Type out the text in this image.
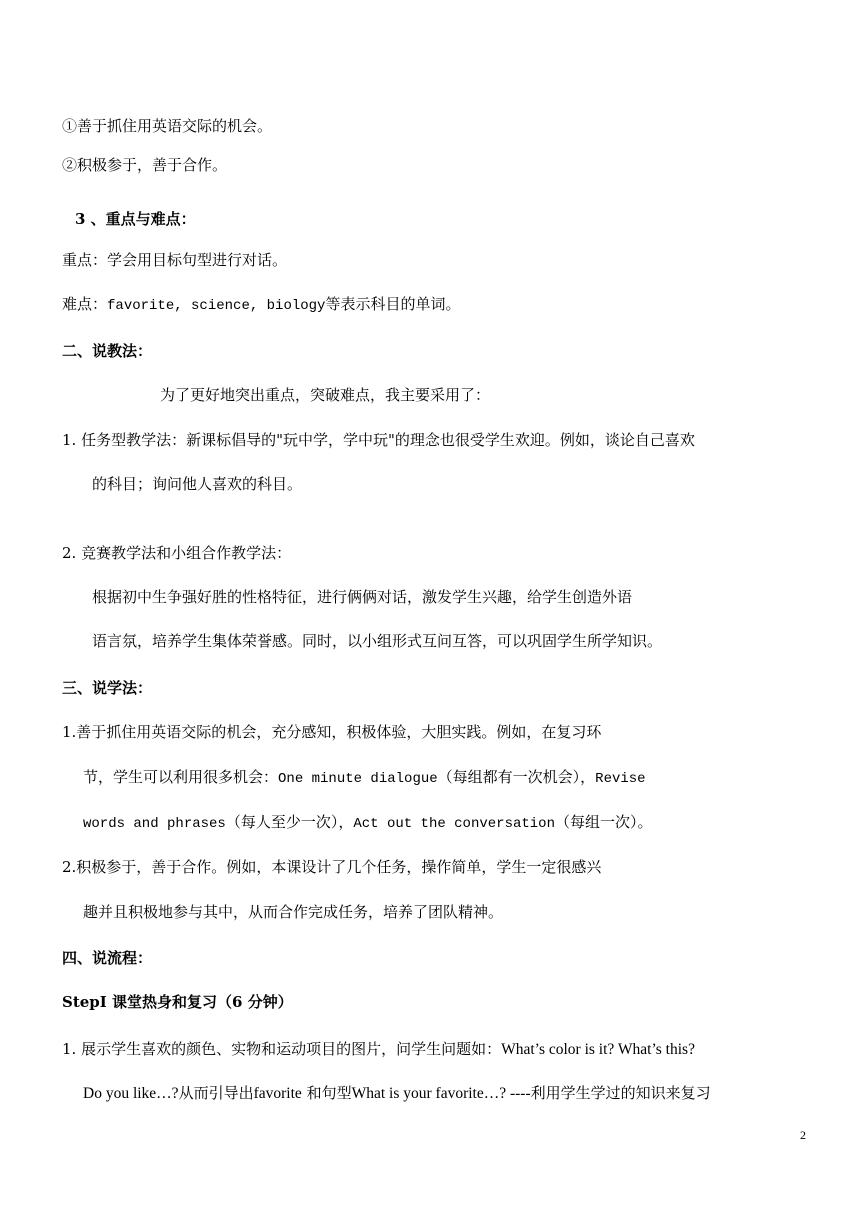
①善于抓住用英语交际的机会。
②积极参于，善于合作。
3 、重点与难点：
重点：学会用目标句型进行对话。
难点：favorite, science, biology等表示科目的单词。
二、说教法：
为了更好地突出重点，突破难点，我主要采用了：
1. 任务型教学法：新课标倡导的"玩中学，学中玩"的理念也很受学生欢迎。例如，谈论自己喜欢
的科目；询问他人喜欢的科目。
2. 竞赛教学法和小组合作教学法：
根据初中生争强好胜的性格特征，进行俩俩对话，激发学生兴趣，给学生创造外语
语言氛，培养学生集体荣誉感。同时，以小组形式互问互答，可以巩固学生所学知识。
三、说学法：
1.善于抓住用英语交际的机会，充分感知，积极体验，大胆实践。例如，在复习环
节，学生可以利用很多机会：One minute dialogue（每组都有一次机会），Revise
words and phrases（每人至少一次），Act out the conversation（每组一次）。
2.积极参于，善于合作。例如，本课设计了几个任务，操作简单，学生一定很感兴
趣并且积极地参与其中，从而合作完成任务，培养了团队精神。
四、说流程：
StepⅠ 课堂热身和复习（6 分钟）
1. 展示学生喜欢的颜色、实物和运动项目的图片，问学生问题如：What’s color is it? What’s this?
Do you like…?从而引导出favorite 和句型What is your favorite…? ----利用学生学过的知识来复习
2
